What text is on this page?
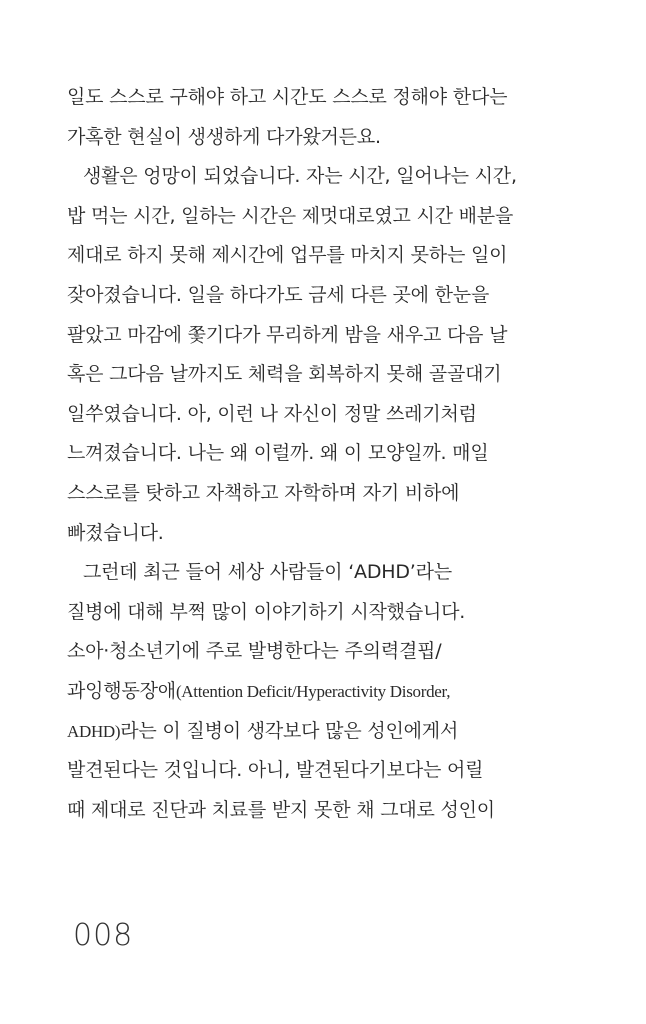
일도 스스로 구해야 하고 시간도 스스로 정해야 한다는
가혹한 현실이 생생하게 다가왔거든요.
생활은 엉망이 되었습니다. 자는 시간, 일어나는 시간,
밥 먹는 시간, 일하는 시간은 제멋대로였고 시간 배분을
제대로 하지 못해 제시간에 업무를 마치지 못하는 일이
잦아졌습니다. 일을 하다가도 금세 다른 곳에 한눈을
팔았고 마감에 쫓기다가 무리하게 밤을 새우고 다음 날
혹은 그다음 날까지도 체력을 회복하지 못해 골골대기
일쑤였습니다. 아, 이런 나 자신이 정말 쓰레기처럼
느껴졌습니다. 나는 왜 이럴까. 왜 이 모양일까. 매일
스스로를 탓하고 자책하고 자학하며 자기 비하에
빠졌습니다.
그런데 최근 들어 세상 사람들이 ‘ADHD’라는
질병에 대해 부쩍 많이 이야기하기 시작했습니다.
소아·청소년기에 주로 발병한다는 주의력결핍/
과잉행동장애(Attention Deficit/Hyperactivity Disorder,
ADHD)라는 이 질병이 생각보다 많은 성인에게서
발견된다는 것입니다. 아니, 발견된다기보다는 어릴
때 제대로 진단과 치료를 받지 못한 채 그대로 성인이
008
